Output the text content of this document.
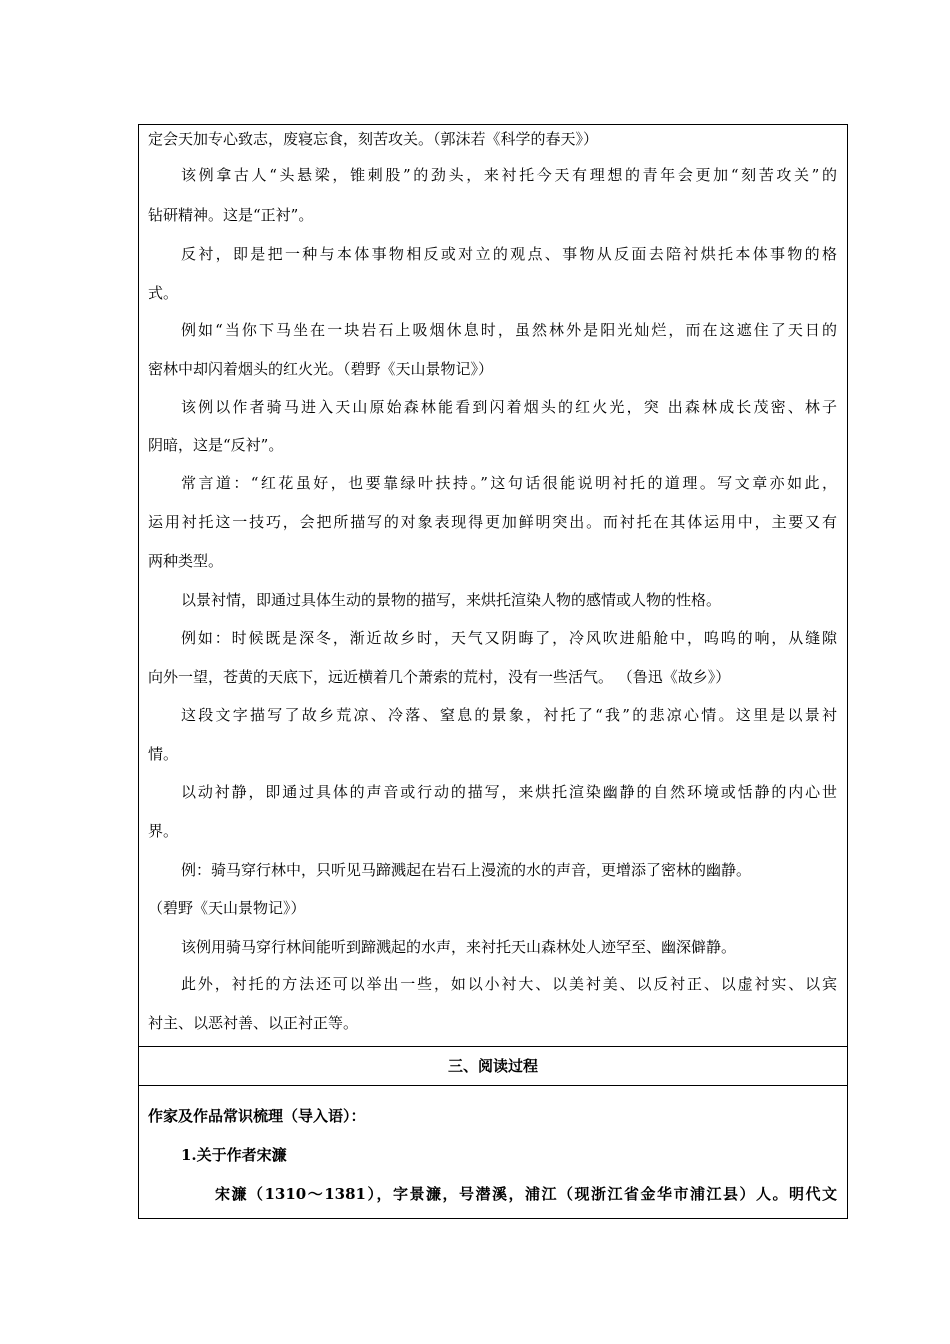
定会天加专心致志，废寝忘食，刻苦攻关。（郭沫若《科学的春天》）
该例拿古人“头悬梁，锥刺股”的劲头，来衬托今天有理想的青年会更加“刻苦攻关”的
钻研精神。这是“正衬”。
反衬，即是把一种与本体事物相反或对立的观点、事物从反面去陪衬烘托本体事物的格
式。
例如“当你下马坐在一块岩石上吸烟休息时，虽然林外是阳光灿烂，而在这遮住了天日的
密林中却闪着烟头的红火光。（碧野《天山景物记》）
该例以作者骑马进入天山原始森林能看到闪着烟头的红火光，突 出森林成长茂密、林子
阴暗，这是“反衬”。
常言道：“红花虽好，也要靠绿叶扶持。”这句话很能说明衬托的道理。写文章亦如此，
运用衬托这一技巧，会把所描写的对象表现得更加鲜明突出。而衬托在其体运用中，主要又有
两种类型。
以景衬情，即通过具体生动的景物的描写，来烘托渲染人物的感情或人物的性格。
例如：时候既是深冬，渐近故乡时，天气又阴晦了，冷风吹进船舱中，呜呜的响，从缝隙
向外一望，苍黄的天底下，远近横着几个萧索的荒村，没有一些活气。 （鲁迅《故乡》）
这段文字描写了故乡荒凉、冷落、窒息的景象，衬托了“我”的悲凉心情。这里是以景衬
情。
以动衬静，即通过具体的声音或行动的描写，来烘托渲染幽静的自然环境或恬静的内心世
界。
例：骑马穿行林中，只听见马蹄溅起在岩石上漫流的水的声音，更增添了密林的幽静。
（碧野《天山景物记》）
该例用骑马穿行林间能听到蹄溅起的水声，来衬托天山森林处人迹罕至、幽深僻静。
此外，衬托的方法还可以举出一些，如以小衬大、以美衬美、以反衬正、以虚衬实、以宾
衬主、以恶衬善、以正衬正等。
三、阅读过程
作家及作品常识梳理（导入语）：
1.关于作者宋濂
宋濂（1310～1381），字景濂，号潜溪，浦江（现浙江省金华市浦江县）人。明代文
